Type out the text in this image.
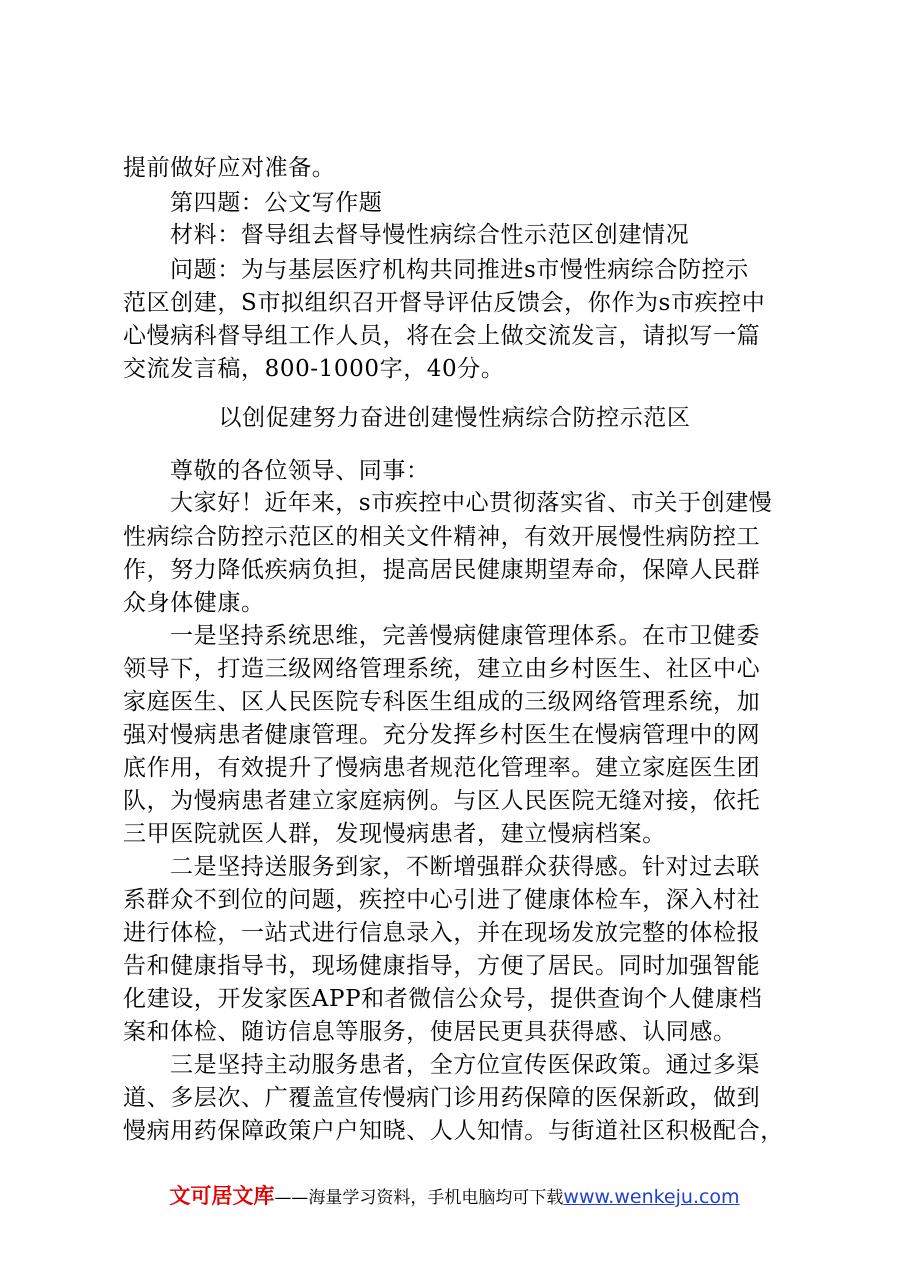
提前做好应对准备。
第四题：公文写作题
材料：督导组去督导慢性病综合性示范区创建情况
问题：为与基层医疗机构共同推进s市慢性病综合防控示
范区创建，S市拟组织召开督导评估反馈会，你作为s市疾控中
心慢病科督导组工作人员，将在会上做交流发言，请拟写一篇
交流发言稿，800-1000字，40分。
以创促建努力奋进创建慢性病综合防控示范区
尊敬的各位领导、同事：
大家好！近年来，s市疾控中心贯彻落实省、市关于创建慢
性病综合防控示范区的相关文件精神，有效开展慢性病防控工
作，努力降低疾病负担，提高居民健康期望寿命，保障人民群
众身体健康。
一是坚持系统思维，完善慢病健康管理体系。在市卫健委
领导下，打造三级网络管理系统，建立由乡村医生、社区中心
家庭医生、区人民医院专科医生组成的三级网络管理系统，加
强对慢病患者健康管理。充分发挥乡村医生在慢病管理中的网
底作用，有效提升了慢病患者规范化管理率。建立家庭医生团
队，为慢病患者建立家庭病例。与区人民医院无缝对接，依托
三甲医院就医人群，发现慢病患者，建立慢病档案。
二是坚持送服务到家，不断增强群众获得感。针对过去联
系群众不到位的问题，疾控中心引进了健康体检车，深入村社
进行体检，一站式进行信息录入，并在现场发放完整的体检报
告和健康指导书，现场健康指导，方便了居民。同时加强智能
化建设，开发家医APP和者微信公众号，提供查询个人健康档
案和体检、随访信息等服务，使居民更具获得感、认同感。
三是坚持主动服务患者，全方位宣传医保政策。通过多渠
道、多层次、广覆盖宣传慢病门诊用药保障的医保新政，做到
慢病用药保障政策户户知晓、人人知情。与街道社区积极配合，
文可居文库——海量学习资料，手机电脑均可下载www.wenkeju.com
